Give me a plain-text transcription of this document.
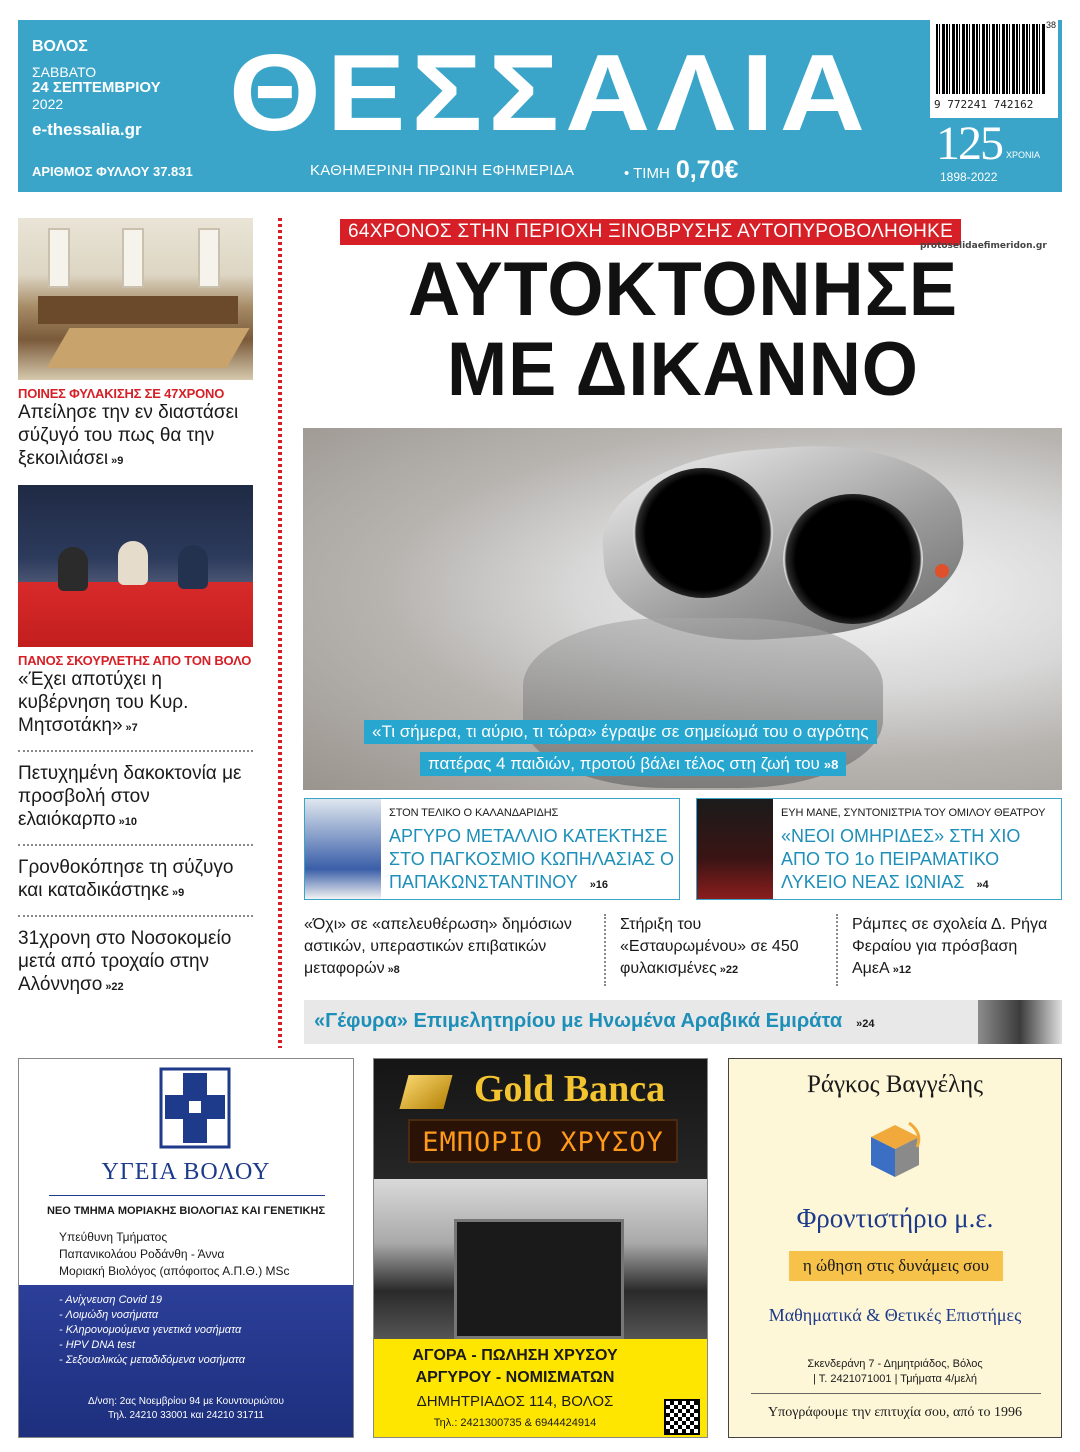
ΒΟΛΟΣ
ΣΑΒΒΑΤΟ
24 ΣΕΠΤΕΜΒΡΙΟΥ
2022
e-thessalia.gr
ΑΡΙΘΜΟΣ ΦΥΛΛΟΥ 37.831
ΘΕΣΣΑΛΙΑ
ΚΑΘΗΜΕΡΙΝΗ ΠΡΩΙΝΗ ΕΦΗΜΕΡΙΔΑ	• ΤΙΜΗ 0,70€
38
9 772241 742162
125 ΧΡΟΝΙΑ
1898-2022
ΠΟΙΝΕΣ ΦΥΛΑΚΙΣΗΣ ΣΕ 47ΧΡΟΝΟ
Απείλησε την εν διαστάσει σύζυγό του πως θα την ξεκοιλιάσει »9
ΠΑΝΟΣ ΣΚΟΥΡΛΕΤΗΣ ΑΠΟ ΤΟΝ ΒΟΛΟ
«Έχει αποτύχει η κυβέρνηση του Κυρ. Μητσοτάκη» »7
Πετυχημένη δακοκτονία με προσβολή στον ελαιόκαρπο »10
Γρονθοκόπησε τη σύζυγο και καταδικάστηκε »9
31χρονη στο Νοσοκομείο μετά από τροχαίο στην Αλόννησο »22
64ΧΡΟΝΟΣ ΣΤΗΝ ΠΕΡΙΟΧΗ ΞΙΝΟΒΡΥΣΗΣ ΑΥΤΟΠΥΡΟΒΟΛΗΘΗΚΕ
protoselidaefimeridon.gr
ΑΥΤΟΚΤΟΝΗΣΕ
ΜΕ ΔΙΚΑΝΝΟ
«Τι σήμερα, τι αύριο, τι τώρα» έγραψε σε σημείωμά του ο αγρότης
πατέρας 4 παιδιών, προτού βάλει τέλος στη ζωή του »8
ΣΤΟΝ ΤΕΛΙΚΟ Ο ΚΑΛΑΝΔΑΡΙΔΗΣ
ΑΡΓΥΡΟ ΜΕΤΑΛΛΙΟ ΚΑΤΕΚΤΗΣΕ ΣΤΟ ΠΑΓΚΟΣΜΙΟ ΚΩΠΗΛΑΣΙΑΣ Ο ΠΑΠΑΚΩΝΣΤΑΝΤΙΝΟΥ »16
ΕΥΗ ΜΑΝΕ, ΣΥΝΤΟΝΙΣΤΡΙΑ ΤΟΥ ΟΜΙΛΟΥ ΘΕΑΤΡΟΥ
«ΝΕΟΙ ΟΜΗΡΙΔΕΣ» ΣΤΗ ΧΙΟ ΑΠΟ ΤΟ 1ο ΠΕΙΡΑΜΑΤΙΚΟ ΛΥΚΕΙΟ ΝΕΑΣ ΙΩΝΙΑΣ »4
«Όχι» σε «απελευθέρωση» δημόσιων αστικών, υπεραστικών επιβατικών μεταφορών »8
Στήριξη του «Εσταυρωμένου» σε 450 φυλακισμένες »22
Ράμπες σε σχολεία Δ. Ρήγα Φεραίου για πρόσβαση ΑμεΑ »12
«Γέφυρα» Επιμελητηρίου με Ηνωμένα Αραβικά Εμιράτα »24
ΥΓΕΙΑ ΒΟΛΟΥ
ΝΕΟ ΤΜΗΜΑ ΜΟΡΙΑΚΗΣ ΒΙΟΛΟΓΙΑΣ ΚΑΙ ΓΕΝΕΤΙΚΗΣ
Υπεύθυνη Τμήματος
Παπανικολάου Ροδάνθη - Άννα
Μοριακή Βιολόγος (απόφοιτος Α.Π.Θ.) MSc
- Ανίχνευση Covid 19
- Λοιμώδη νοσήματα
- Κληρονομούμενα γενετικά νοσήματα
- HPV DNA test
- Σεξουαλικώς μεταδιδόμενα νοσήματα
Δ/νση: 2ας Νοεμβρίου 94 με Κουντουριώτου
Τηλ. 24210 33001 και 24210 31711
Gold Banca
ΕΜΠΟΡΙΟ ΧΡΥΣΟΥ
ΑΓΟΡΑ - ΠΩΛΗΣΗ ΧΡΥΣΟΥ
ΑΡΓΥΡΟΥ - ΝΟΜΙΣΜΑΤΩΝ
ΔΗΜΗΤΡΙΑΔΟΣ 114, ΒΟΛΟΣ
Τηλ.: 2421300735 & 6944424914
Ράγκος Βαγγέλης
Φροντιστήριο μ.ε.
η ώθηση στις δυνάμεις σου
Μαθηματικά & Θετικές Επιστήμες
Σκενδεράνη 7 - Δημητριάδος, Βόλος
| Τ. 2421071001 | Τμήματα 4/μελή
Υπογράφουμε την επιτυχία σου, από το 1996
